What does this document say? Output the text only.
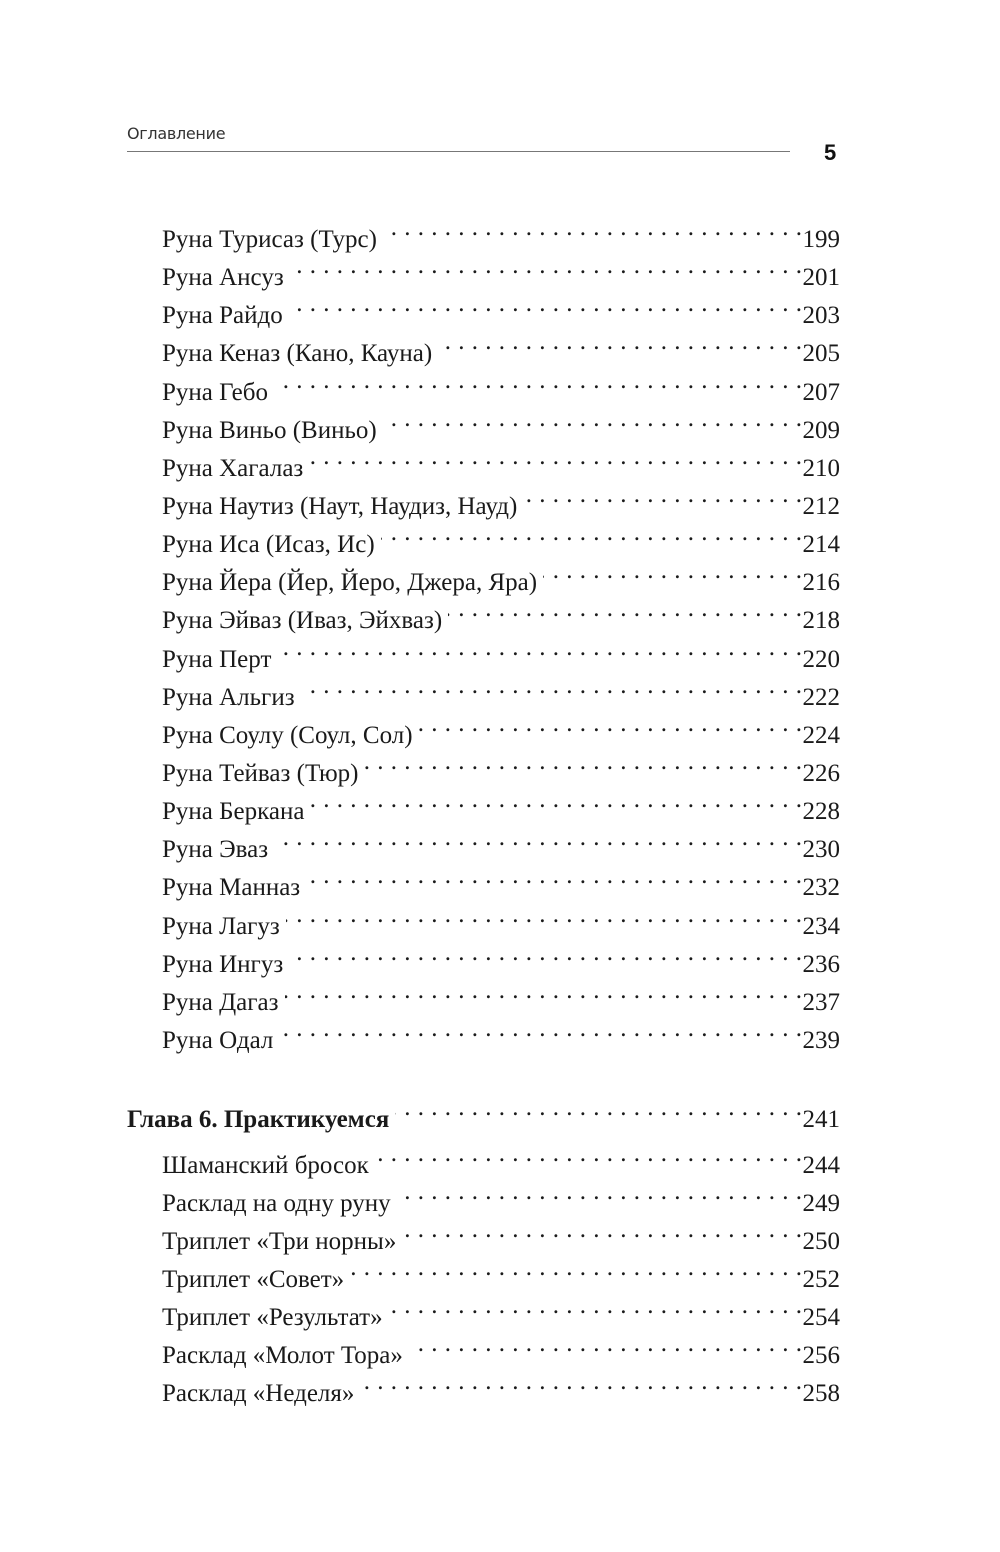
Оглавление
5
Руна Турисаз (Турс) . . .	199
Руна Ансуз . . .	201
Руна Райдо . . .	203
Руна Кеназ (Кано, Кауна) . . .	205
Руна Гебо . . .	207
Руна Виньо (Виньо) . . .	209
Руна Хагалаз . . .	210
Руна Наутиз (Наут, Наудиз, Науд) . . .	212
Руна Иса (Исаз, Ис) . . .	214
Руна Йера (Йер, Йеро, Джера, Яра) . . .	216
Руна Эйваз (Иваз, Эйхваз) . . .	218
Руна Перт . . .	220
Руна Альгиз . . .	222
Руна Соулу (Соул, Сол) . . .	224
Руна Тейваз (Тюр) . . .	226
Руна Беркана . . .	228
Руна Эваз . . .	230
Руна Манназ . . .	232
Руна Лагуз . . .	234
Руна Ингуз . . .	236
Руна Дагаз . . .	237
Руна Одал . . .	239
Глава 6. Практикуемся . . .	241
Шаманский бросок . . .	244
Расклад на одну руну . . .	249
Триплет «Три норны» . . .	250
Триплет «Совет» . . .	252
Триплет «Результат» . . .	254
Расклад «Молот Тора» . . .	256
Расклад «Неделя» . . .	258
